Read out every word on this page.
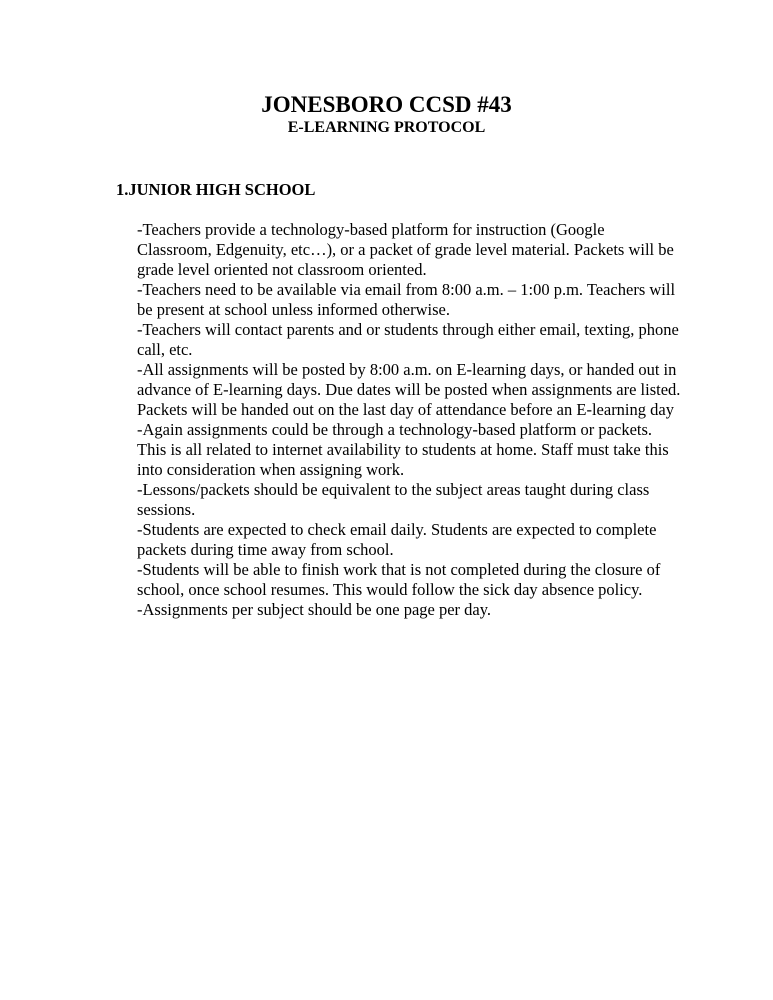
JONESBORO CCSD #43
E-LEARNING PROTOCOL
1.JUNIOR HIGH SCHOOL

-Teachers provide a technology-based platform for instruction (Google Classroom, Edgenuity, etc…), or a packet of grade level material. Packets will be grade level oriented not classroom oriented.

-Teachers need to be available via email from 8:00 a.m. – 1:00 p.m. Teachers will be present at school unless informed otherwise.

-Teachers will contact parents and or students through either email, texting, phone call, etc.

-All assignments will be posted by 8:00 a.m. on E-learning days, or handed out in advance of E-learning days. Due dates will be posted when assignments are listed. Packets will be handed out on the last day of attendance before an E-learning day

-Again assignments could be through a technology-based platform or packets. This is all related to internet availability to students at home. Staff must take this into consideration when assigning work.

-Lessons/packets should be equivalent to the subject areas taught during class sessions.

-Students are expected to check email daily. Students are expected to complete packets during time away from school.

-Students will be able to finish work that is not completed during the closure of school, once school resumes. This would follow the sick day absence policy.

-Assignments per subject should be one page per day.
